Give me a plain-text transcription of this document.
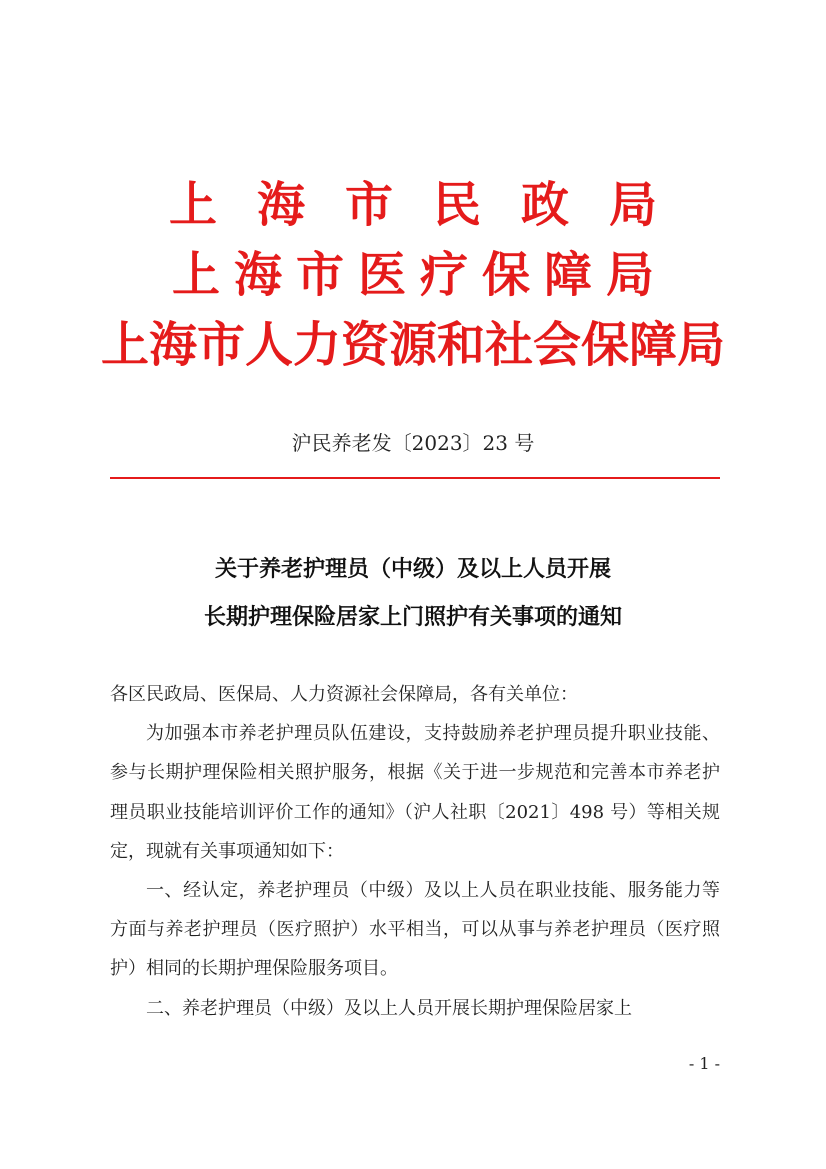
上海市民政局
上海市医疗保障局
上海市人力资源和社会保障局
沪民养老发〔2023〕23 号
关于养老护理员（中级）及以上人员开展
长期护理保险居家上门照护有关事项的通知

各区民政局、医保局、人力资源社会保障局，各有关单位：

为加强本市养老护理员队伍建设，支持鼓励养老护理员提升职业技能、参与长期护理保险相关照护服务，根据《关于进一步规范和完善本市养老护理员职业技能培训评价工作的通知》（沪人社职〔2021〕498 号）等相关规定，现就有关事项通知如下：

一、经认定，养老护理员（中级）及以上人员在职业技能、服务能力等方面与养老护理员（医疗照护）水平相当，可以从事与养老护理员（医疗照护）相同的长期护理保险服务项目。

二、养老护理员（中级）及以上人员开展长期护理保险居家上

- 1 -
